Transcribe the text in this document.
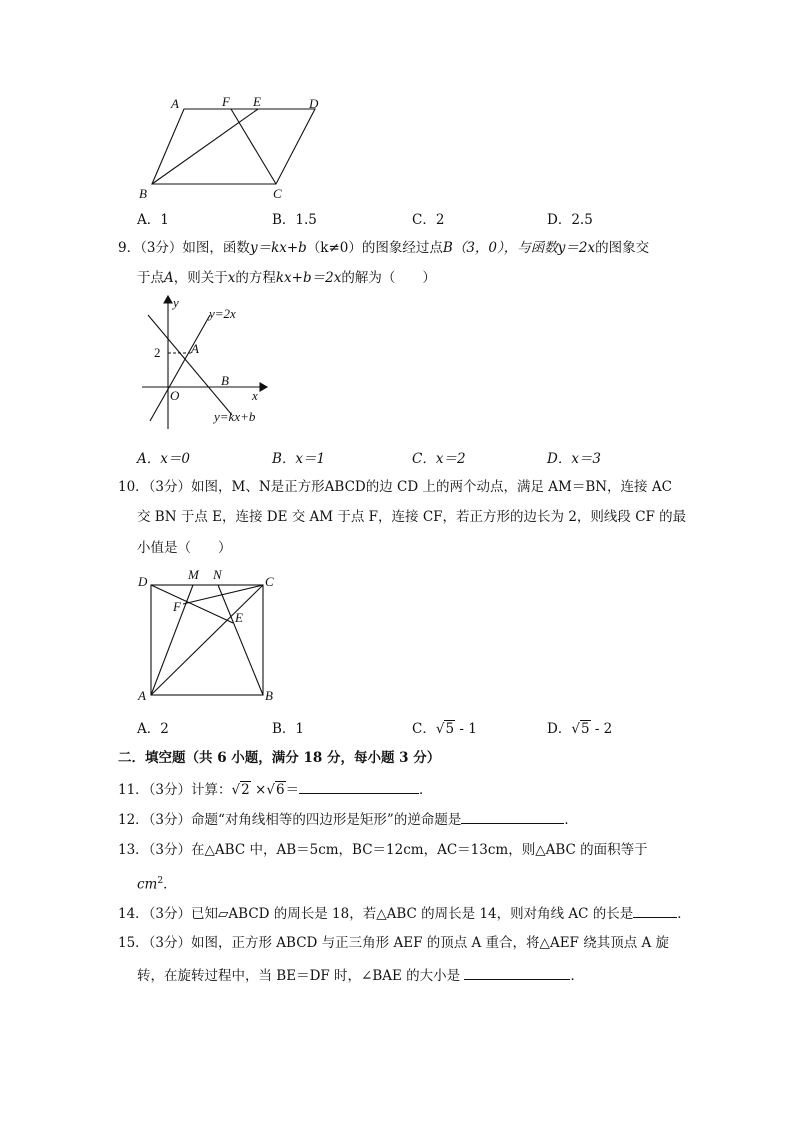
A	F E	D
B	C
A．1	B．1.5	C．2	D．2.5
9．（3分）如图，函数y＝kx+b（k≠0）的图象经过点B（3，0），与函数y＝2x的图象交
于点A，则关于x的方程kx+b＝2x的解为（　　）
y
y=2x
2 A
B
O	x
y=kx+b
A．x＝0	B．x＝1	C．x＝2	D．x＝3
10．（3分）如图，M、N是正方形ABCD的边 CD 上的两个动点，满足 AM＝BN，连接 AC
交 BN 于点 E，连接 DE 交 AM 于点 F，连接 CF，若正方形的边长为 2，则线段 CF 的最
小值是（　　）
D	M N	C
F
E
A	B
A．2	B．1	C．√5 - 1	D．√5 - 2
二．填空题（共 6 小题，满分 18 分，每小题 3 分）
11．（3分）计算：√2 ×√6＝	．
12．（3分）命题“对角线相等的四边形是矩形”的逆命题是	．
13．（3分）在△ABC 中，AB＝5cm，BC＝12cm，AC＝13cm，则△ABC 的面积等于
$cm^2$．
14．（3分）已知▱ABCD 的周长是 18，若△ABC 的周长是 14，则对角线 AC 的长是	．
15．（3分）如图，正方形 ABCD 与正三角形 AEF 的顶点 A 重合，将△AEF 绕其顶点 A 旋
转，在旋转过程中，当 BE＝DF 时，∠BAE 的大小是	．
